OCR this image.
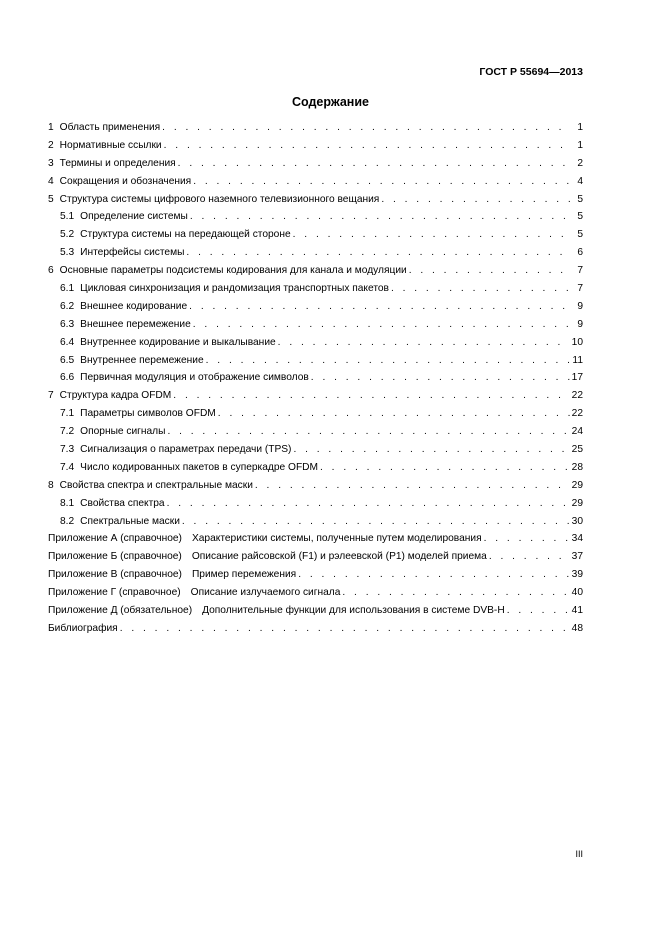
ГОСТ Р 55694—2013
Содержание
1 Область применения . . .	1
2 Нормативные ссылки . . .	1
3 Термины и определения . . .	2
4 Сокращения и обозначения . . .	4
5 Структура системы цифрового наземного телевизионного вещания . . .	5
5.1 Определение системы . . .	5
5.2 Структура системы на передающей стороне . . .	5
5.3 Интерфейсы системы . . .	6
6 Основные параметры подсистемы кодирования для канала и модуляции . . .	7
6.1 Цикловая синхронизация и рандомизация транспортных пакетов . . .	7
6.2 Внешнее кодирование . . .	9
6.3 Внешнее перемежение . . .	9
6.4 Внутреннее кодирование и выкалывание . . .	10
6.5 Внутреннее перемежение . . .	11
6.6 Первичная модуляция и отображение символов . . .	17
7 Структура кадра OFDM . . .	22
7.1 Параметры символов OFDM . . .	22
7.2 Опорные сигналы . . .	24
7.3 Сигнализация о параметрах передачи (TPS) . . .	25
7.4 Число кодированных пакетов в суперкадре OFDM . . .	28
8 Свойства спектра и спектральные маски . . .	29
8.1 Свойства спектра . . .	29
8.2 Спектральные маски . . .	30
Приложение А (справочное) Характеристики системы, полученные путем моделирования . . .	34
Приложение Б (справочное) Описание райсовской (F1) и рэлеевской (P1) моделей приема . . .	37
Приложение В (справочное) Пример перемежения . . .	39
Приложение Г (справочное) Описание излучаемого сигнала . . .	40
Приложение Д (обязательное) Дополнительные функции для использования в системе DVB-H . . .	41
Библиография . . .	48
III
